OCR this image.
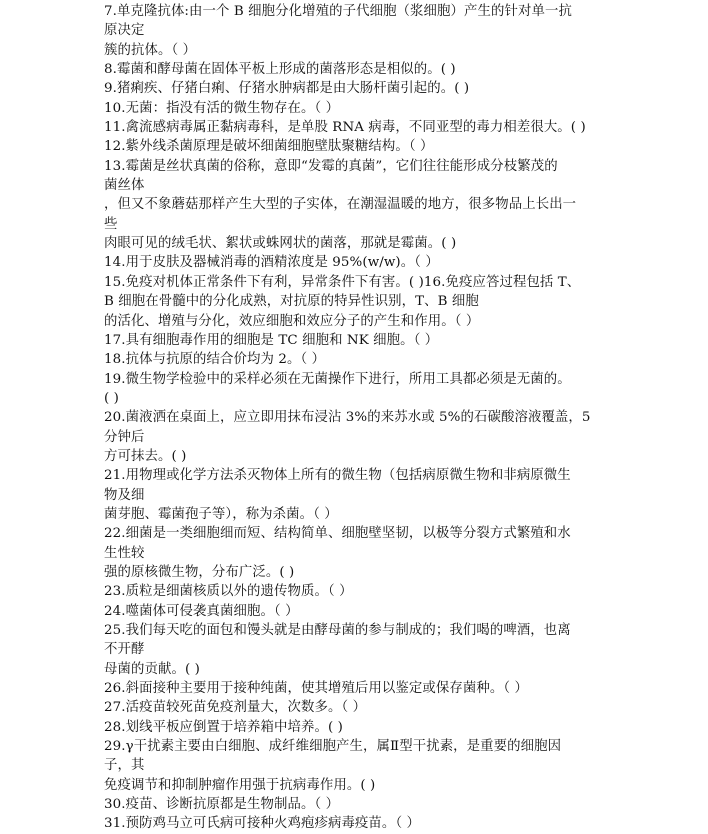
7.单克隆抗体:由一个 B 细胞分化增殖的子代细胞（浆细胞）产生的针对单一抗
原决定
簇的抗体。（ ）
8.霉菌和酵母菌在固体平板上形成的菌落形态是相似的。( )
9.猪痢疾、仔猪白痢、仔猪水肿病都是由大肠杆菌引起的。( )
10.无菌：指没有活的微生物存在。（ ）
11.禽流感病毒属正黏病毒科，是单股 RNA 病毒，不同亚型的毒力相差很大。( )
12.紫外线杀菌原理是破坏细菌细胞壁肽聚糖结构。（ ）
13.霉菌是丝状真菌的俗称，意即“发霉的真菌”，它们往往能形成分枝繁茂的
菌丝体
，但又不象蘑菇那样产生大型的子实体，在潮湿温暖的地方，很多物品上长出一
些
肉眼可见的绒毛状、絮状或蛛网状的菌落，那就是霉菌。( )
14.用于皮肤及器械消毒的酒精浓度是 95%(w/w)。（ ）
15.免疫对机体正常条件下有利，异常条件下有害。( )16.免疫应答过程包括 T、
B 细胞在骨髓中的分化成熟，对抗原的特异性识别，T、B 细胞
的活化、增殖与分化，效应细胞和效应分子的产生和作用。（ ）
17.具有细胞毒作用的细胞是 TC 细胞和 NK 细胞。（ ）
18.抗体与抗原的结合价均为 2。（ ）
19.微生物学检验中的采样必须在无菌操作下进行，所用工具都必须是无菌的。
( )
20.菌液洒在桌面上，应立即用抹布浸沾 3%的来苏水或 5%的石碳酸溶液覆盖，5
分钟后
方可抹去。( )
21.用物理或化学方法杀灭物体上所有的微生物（包括病原微生物和非病原微生
物及细
菌芽胞、霉菌孢子等），称为杀菌。（ ）
22.细菌是一类细胞细而短、结构简单、细胞壁坚韧，以极等分裂方式繁殖和水
生性较
强的原核微生物，分布广泛。( )
23.质粒是细菌核质以外的遗传物质。（ ）
24.噬菌体可侵袭真菌细胞。（ ）
25.我们每天吃的面包和馒头就是由酵母菌的参与制成的；我们喝的啤酒，也离
不开酵
母菌的贡献。( )
26.斜面接种主要用于接种纯菌，使其增殖后用以鉴定或保存菌种。（ ）
27.活疫苗较死苗免疫剂量大，次数多。（ ）
28.划线平板应倒置于培养箱中培养。( )
29.γ干扰素主要由白细胞、成纤维细胞产生，属Ⅱ型干扰素，是重要的细胞因
子，其
免疫调节和抑制肿瘤作用强于抗病毒作用。( )
30.疫苗、诊断抗原都是生物制品。（ ）
31.预防鸡马立可氏病可接种火鸡疱疹病毒疫苗。（ ）
